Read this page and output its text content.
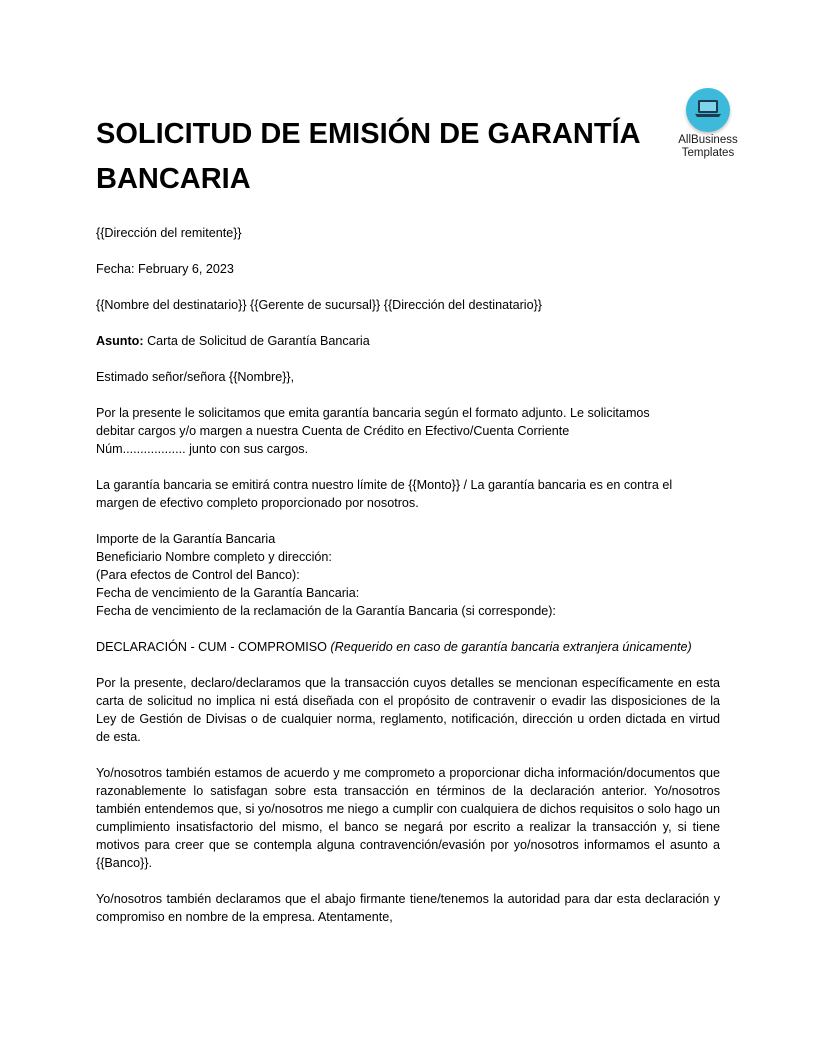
AllBusiness
Templates
SOLICITUD DE EMISIÓN DE GARANTÍA BANCARIA

{{Dirección del remitente}}

Fecha: February 6, 2023

{{Nombre del destinatario}} {{Gerente de sucursal}} {{Dirección del destinatario}}

Asunto: Carta de Solicitud de Garantía Bancaria

Estimado señor/señora {{Nombre}},

Por la presente le solicitamos que emita garantía bancaria según el formato adjunto. Le solicitamos
debitar cargos y/o margen a nuestra Cuenta de Crédito en Efectivo/Cuenta Corriente
Núm.................. junto con sus cargos.

La garantía bancaria se emitirá contra nuestro límite de {{Monto}} / La garantía bancaria es en contra el
margen de efectivo completo proporcionado por nosotros.

Importe de la Garantía Bancaria
Beneficiario Nombre completo y dirección:
(Para efectos de Control del Banco):
Fecha de vencimiento de la Garantía Bancaria:
Fecha de vencimiento de la reclamación de la Garantía Bancaria (si corresponde):

DECLARACIÓN - CUM - COMPROMISO (Requerido en caso de garantía bancaria extranjera únicamente)

Por la presente, declaro/declaramos que la transacción cuyos detalles se mencionan específicamente en esta carta de solicitud no implica ni está diseñada con el propósito de contravenir o evadir las disposiciones de la Ley de Gestión de Divisas o de cualquier norma, reglamento, notificación, dirección u orden dictada en virtud de esta.

Yo/nosotros también estamos de acuerdo y me comprometo a proporcionar dicha información/documentos que razonablemente lo satisfagan sobre esta transacción en términos de la declaración anterior. Yo/nosotros también entendemos que, si yo/nosotros me niego a cumplir con cualquiera de dichos requisitos o solo hago un cumplimiento insatisfactorio del mismo, el banco se negará por escrito a realizar la transacción y, si tiene motivos para creer que se contempla alguna contravención/evasión por yo/nosotros informamos el asunto a {{Banco}}.

Yo/nosotros también declaramos que el abajo firmante tiene/tenemos la autoridad para dar esta declaración y compromiso en nombre de la empresa. Atentamente,
